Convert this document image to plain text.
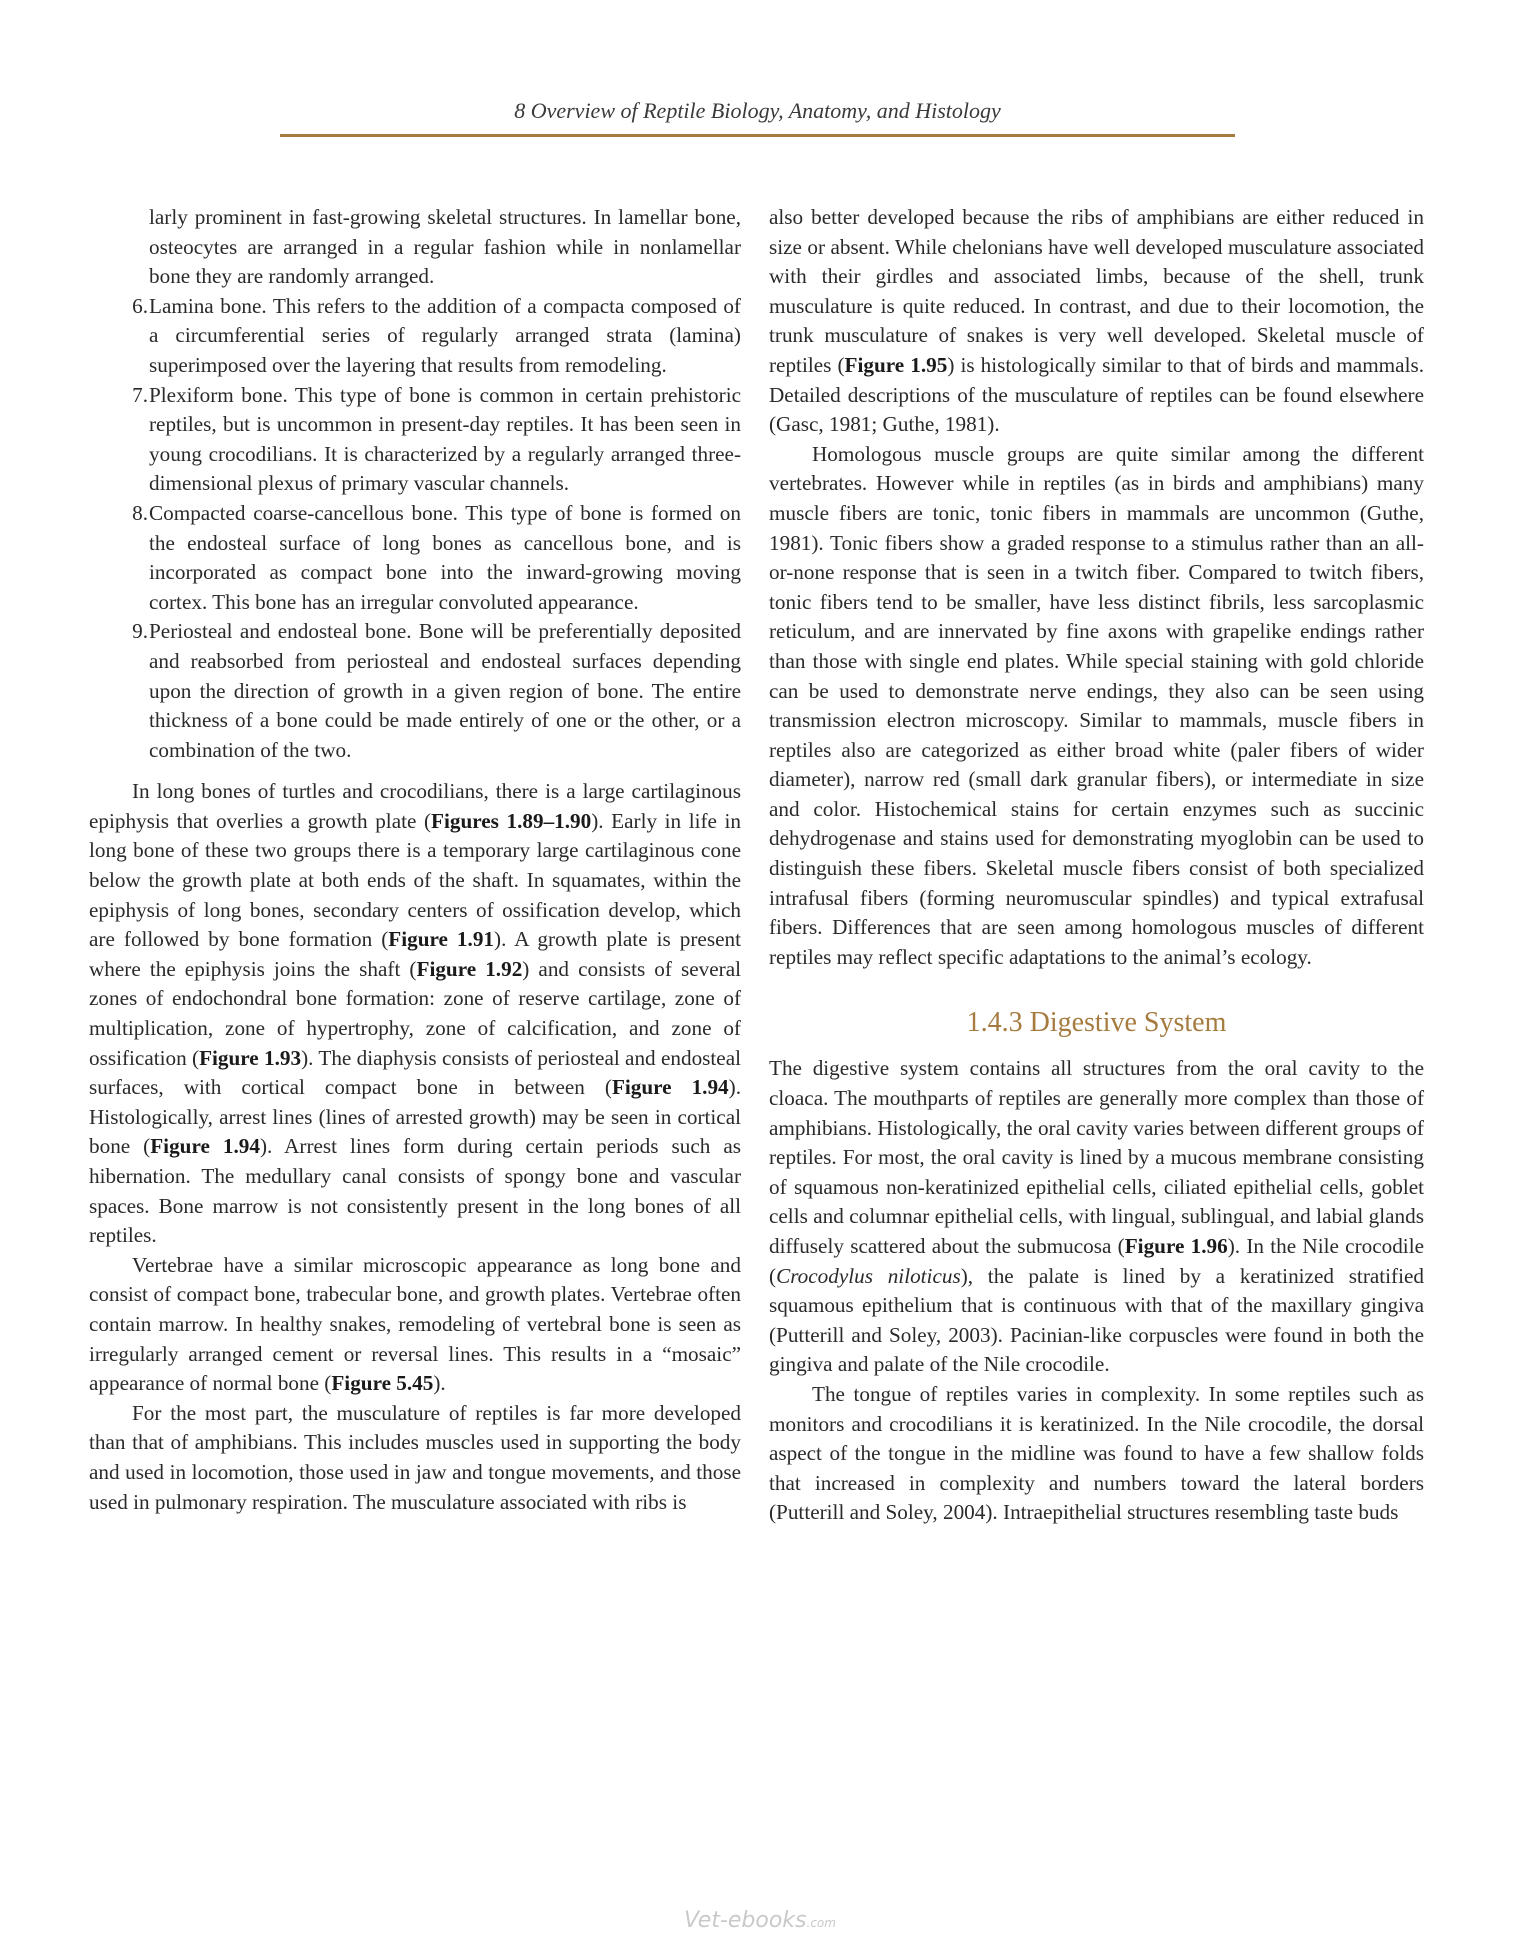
8 Overview of Reptile Biology, Anatomy, and Histology

larly prominent in fast-growing skeletal structures. In lamellar bone, osteocytes are arranged in a regular fashion while in nonlamellar bone they are randomly arranged.

6. Lamina bone. This refers to the addition of a compacta composed of a circumferential series of regularly arranged strata (lamina) superimposed over the layering that results from remodeling.

7. Plexiform bone. This type of bone is common in certain prehistoric reptiles, but is uncommon in present-day reptiles. It has been seen in young crocodilians. It is characterized by a regularly arranged three-dimensional plexus of primary vascular channels.

8. Compacted coarse-cancellous bone. This type of bone is formed on the endosteal surface of long bones as cancellous bone, and is incorporated as compact bone into the inward-growing moving cortex. This bone has an irregular convoluted appearance.

9. Periosteal and endosteal bone. Bone will be preferentially deposited and reabsorbed from periosteal and endosteal surfaces depending upon the direction of growth in a given region of bone. The entire thickness of a bone could be made entirely of one or the other, or a combination of the two.

In long bones of turtles and crocodilians, there is a large cartilaginous epiphysis that overlies a growth plate (Figures 1.89–1.90). Early in life in long bone of these two groups there is a temporary large cartilaginous cone below the growth plate at both ends of the shaft. In squamates, within the epiphysis of long bones, secondary centers of ossification develop, which are followed by bone formation (Figure 1.91). A growth plate is present where the epiphysis joins the shaft (Figure 1.92) and consists of several zones of endochondral bone formation: zone of reserve cartilage, zone of multiplication, zone of hypertrophy, zone of calcification, and zone of ossification (Figure 1.93). The diaphysis consists of periosteal and endosteal surfaces, with cortical compact bone in between (Figure 1.94). Histologically, arrest lines (lines of arrested growth) may be seen in cortical bone (Figure 1.94). Arrest lines form during certain periods such as hibernation. The medullary canal consists of spongy bone and vascular spaces. Bone marrow is not consistently present in the long bones of all reptiles.

Vertebrae have a similar microscopic appearance as long bone and consist of compact bone, trabecular bone, and growth plates. Vertebrae often contain marrow. In healthy snakes, remodeling of vertebral bone is seen as irregularly arranged cement or reversal lines. This results in a “mosaic” appearance of normal bone (Figure 5.45).

For the most part, the musculature of reptiles is far more developed than that of amphibians. This includes muscles used in supporting the body and used in locomotion, those used in jaw and tongue movements, and those used in pulmonary respiration. The musculature associated with ribs is

also better developed because the ribs of amphibians are either reduced in size or absent. While chelonians have well developed musculature associated with their girdles and associated limbs, because of the shell, trunk musculature is quite reduced. In contrast, and due to their locomotion, the trunk musculature of snakes is very well developed. Skeletal muscle of reptiles (Figure 1.95) is histologically similar to that of birds and mammals. Detailed descriptions of the musculature of reptiles can be found elsewhere (Gasc, 1981; Guthe, 1981).

Homologous muscle groups are quite similar among the different vertebrates. However while in reptiles (as in birds and amphibians) many muscle fibers are tonic, tonic fibers in mammals are uncommon (Guthe, 1981). Tonic fibers show a graded response to a stimulus rather than an all-or-none response that is seen in a twitch fiber. Compared to twitch fibers, tonic fibers tend to be smaller, have less distinct fibrils, less sarcoplasmic reticulum, and are innervated by fine axons with grapelike endings rather than those with single end plates. While special staining with gold chloride can be used to demonstrate nerve endings, they also can be seen using transmission electron microscopy. Similar to mammals, muscle fibers in reptiles also are categorized as either broad white (paler fibers of wider diameter), narrow red (small dark granular fibers), or intermediate in size and color. Histochemical stains for certain enzymes such as succinic dehydrogenase and stains used for demonstrating myoglobin can be used to distinguish these fibers. Skeletal muscle fibers consist of both specialized intrafusal fibers (forming neuromuscular spindles) and typical extrafusal fibers. Differences that are seen among homologous muscles of different reptiles may reflect specific adaptations to the animal’s ecology.

1.4.3 Digestive System

The digestive system contains all structures from the oral cavity to the cloaca. The mouthparts of reptiles are generally more complex than those of amphibians. Histologically, the oral cavity varies between different groups of reptiles. For most, the oral cavity is lined by a mucous membrane consisting of squamous non-keratinized epithelial cells, ciliated epithelial cells, goblet cells and columnar epithelial cells, with lingual, sublingual, and labial glands diffusely scattered about the submucosa (Figure 1.96). In the Nile crocodile (Crocodylus niloticus), the palate is lined by a keratinized stratified squamous epithelium that is continuous with that of the maxillary gingiva (Putterill and Soley, 2003). Pacinian-like corpuscles were found in both the gingiva and palate of the Nile crocodile.

The tongue of reptiles varies in complexity. In some reptiles such as monitors and crocodilians it is keratinized. In the Nile crocodile, the dorsal aspect of the tongue in the midline was found to have a few shallow folds that increased in complexity and numbers toward the lateral borders (Putterill and Soley, 2004). Intraepithelial structures resembling taste buds

Vet-ebooks.com
